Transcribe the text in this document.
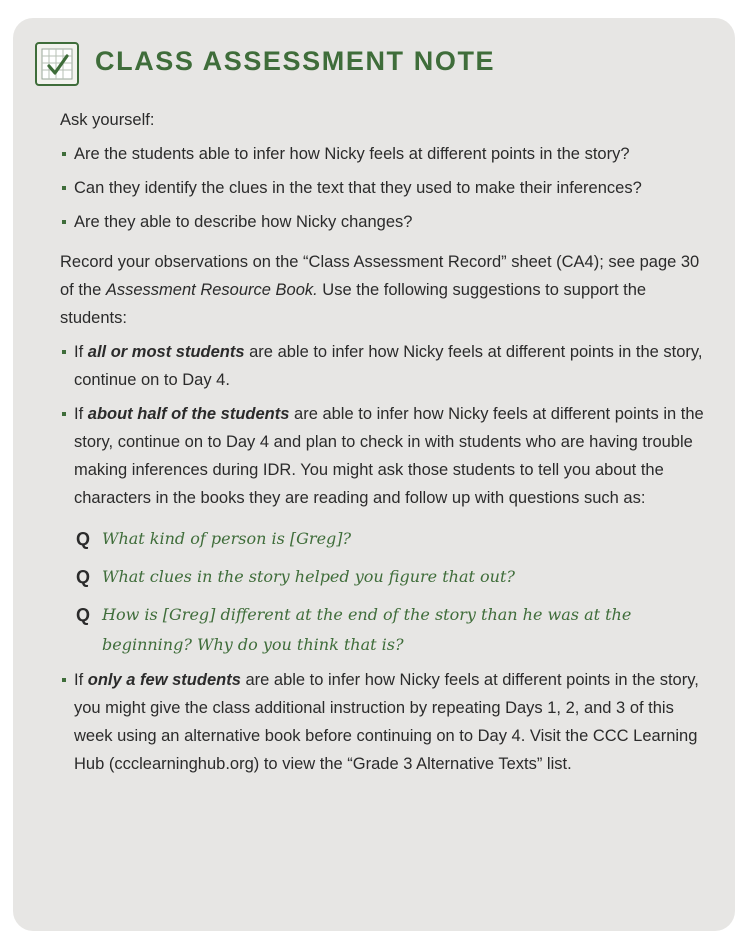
CLASS ASSESSMENT NOTE

Ask yourself:

Are the students able to infer how Nicky feels at different points in the story?
Can they identify the clues in the text that they used to make their inferences?
Are they able to describe how Nicky changes?

Record your observations on the “Class Assessment Record” sheet (CA4); see page 30 of the Assessment Resource Book. Use the following suggestions to support the students:

If all or most students are able to infer how Nicky feels at different points in the story, continue on to Day 4.
If about half of the students are able to infer how Nicky feels at different points in the story, continue on to Day 4 and plan to check in with students who are having trouble making inferences during IDR. You might ask those students to tell you about the characters in the books they are reading and follow up with questions such as:
Q What kind of person is [Greg]?
Q What clues in the story helped you figure that out?
Q How is [Greg] different at the end of the story than he was at the beginning? Why do you think that is?
If only a few students are able to infer how Nicky feels at different points in the story, you might give the class additional instruction by repeating Days 1, 2, and 3 of this week using an alternative book before continuing on to Day 4. Visit the CCC Learning Hub (ccclearninghub.org) to view the “Grade 3 Alternative Texts” list.
